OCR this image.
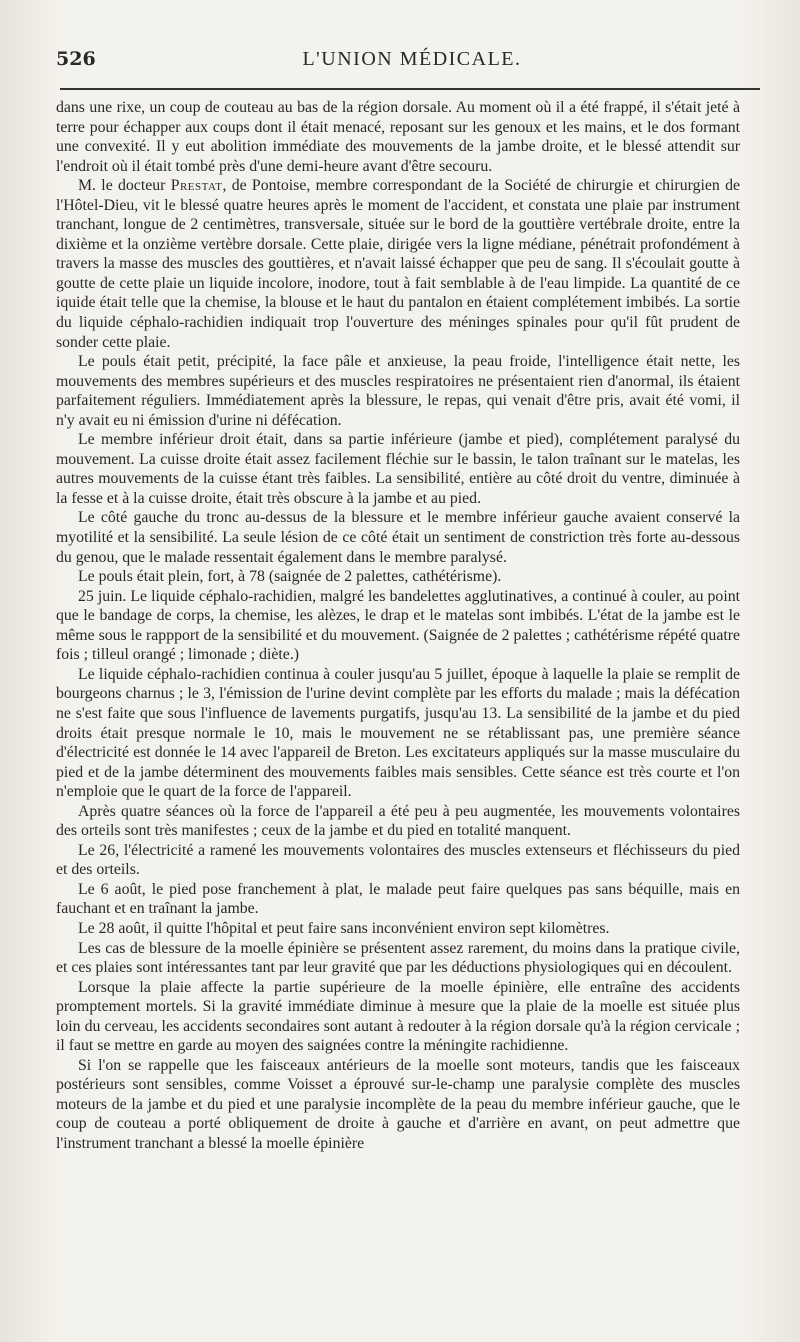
526	L'UNION MÉDICALE.

dans une rixe, un coup de couteau au bas de la région dorsale. Au moment où il a été frappé, il s'était jeté à terre pour échapper aux coups dont il était menacé, reposant sur les genoux et les mains, et le dos formant une convexité. Il y eut abolition immédiate des mouvements de la jambe droite, et le blessé attendit sur l'endroit où il était tombé près d'une demi-heure avant d'être secouru.

M. le docteur Prestat, de Pontoise, membre correspondant de la Société de chirurgie et chirurgien de l'Hôtel-Dieu, vit le blessé quatre heures après le moment de l'accident, et constata une plaie par instrument tranchant, longue de 2 centimètres, transversale, située sur le bord de la gouttière vertébrale droite, entre la dixième et la onzième vertèbre dorsale. Cette plaie, dirigée vers la ligne médiane, pénétrait profondément à travers la masse des muscles des gouttières, et n'avait laissé échapper que peu de sang. Il s'écoulait goutte à goutte de cette plaie un liquide incolore, inodore, tout à fait semblable à de l'eau limpide. La quantité de ce iquide était telle que la chemise, la blouse et le haut du pantalon en étaient complétement imbibés. La sortie du liquide céphalo-rachidien indiquait trop l'ouverture des méninges spinales pour qu'il fût prudent de sonder cette plaie.

Le pouls était petit, précipité, la face pâle et anxieuse, la peau froide, l'intelligence était nette, les mouvements des membres supérieurs et des muscles respiratoires ne présentaient rien d'anormal, ils étaient parfaitement réguliers. Immédiatement après la blessure, le repas, qui venait d'être pris, avait été vomi, il n'y avait eu ni émission d'urine ni défécation.

Le membre inférieur droit était, dans sa partie inférieure (jambe et pied), complétement paralysé du mouvement. La cuisse droite était assez facilement fléchie sur le bassin, le talon traînant sur le matelas, les autres mouvements de la cuisse étant très faibles. La sensibilité, entière au côté droit du ventre, diminuée à la fesse et à la cuisse droite, était très obscure à la jambe et au pied.

Le côté gauche du tronc au-dessus de la blessure et le membre inférieur gauche avaient conservé la myotilité et la sensibilité. La seule lésion de ce côté était un sentiment de constriction très forte au-dessous du genou, que le malade ressentait également dans le membre paralysé.

Le pouls était plein, fort, à 78 (saignée de 2 palettes, cathétérisme).

25 juin. Le liquide céphalo-rachidien, malgré les bandelettes agglutinatives, a continué à couler, au point que le bandage de corps, la chemise, les alèzes, le drap et le matelas sont imbibés. L'état de la jambe est le même sous le rappport de la sensibilité et du mouvement. (Saignée de 2 palettes ; cathétérisme répété quatre fois ; tilleul orangé ; limonade ; diète.)

Le liquide céphalo-rachidien continua à couler jusqu'au 5 juillet, époque à laquelle la plaie se remplit de bourgeons charnus ; le 3, l'émission de l'urine devint complète par les efforts du malade ; mais la défécation ne s'est faite que sous l'influence de lavements purgatifs, jusqu'au 13. La sensibilité de la jambe et du pied droits était presque normale le 10, mais le mouvement ne se rétablissant pas, une première séance d'électricité est donnée le 14 avec l'appareil de Breton. Les excitateurs appliqués sur la masse musculaire du pied et de la jambe déterminent des mouvements faibles mais sensibles. Cette séance est très courte et l'on n'emploie que le quart de la force de l'appareil.

Après quatre séances où la force de l'appareil a été peu à peu augmentée, les mouvements volontaires des orteils sont très manifestes ; ceux de la jambe et du pied en totalité manquent.

Le 26, l'électricité a ramené les mouvements volontaires des muscles extenseurs et fléchisseurs du pied et des orteils.

Le 6 août, le pied pose franchement à plat, le malade peut faire quelques pas sans béquille, mais en fauchant et en traînant la jambe.

Le 28 août, il quitte l'hôpital et peut faire sans inconvénient environ sept kilomètres.

Les cas de blessure de la moelle épinière se présentent assez rarement, du moins dans la pratique civile, et ces plaies sont intéressantes tant par leur gravité que par les déductions physiologiques qui en découlent.

Lorsque la plaie affecte la partie supérieure de la moelle épinière, elle entraîne des accidents promptement mortels. Si la gravité immédiate diminue à mesure que la plaie de la moelle est située plus loin du cerveau, les accidents secondaires sont autant à redouter à la région dorsale qu'à la région cervicale ; il faut se mettre en garde au moyen des saignées contre la méningite rachidienne.

Si l'on se rappelle que les faisceaux antérieurs de la moelle sont moteurs, tandis que les faisceaux postérieurs sont sensibles, comme Voisset a éprouvé sur-le-champ une paralysie complète des muscles moteurs de la jambe et du pied et une paralysie incomplète de la peau du membre inférieur gauche, que le coup de couteau a porté obliquement de droite à gauche et d'arrière en avant, on peut admettre que l'instrument tranchant a blessé la moelle épinière
